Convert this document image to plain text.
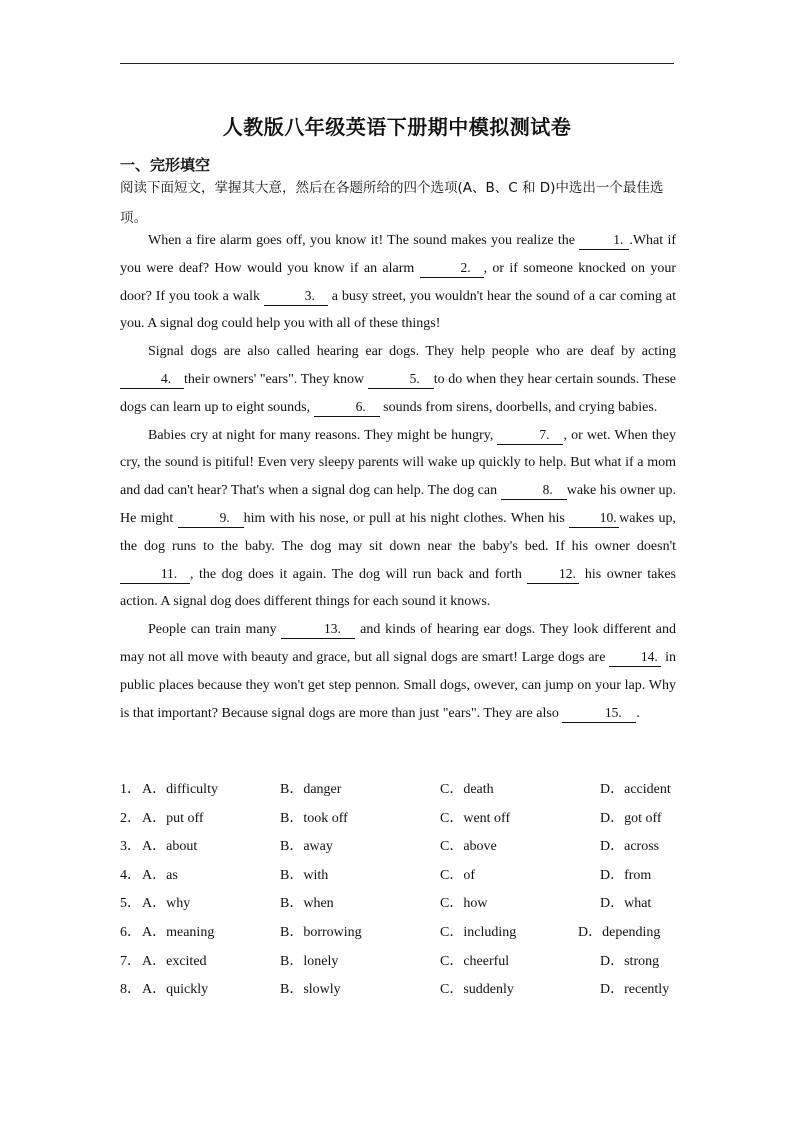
人教版八年级英语下册期中模拟测试卷
一、完形填空
阅读下面短文，掌握其大意，然后在各题所给的四个选项(A、B、C 和 D)中选出一个最佳选项。

When a fire alarm goes off, you know it! The sound makes you realize the	1. .What if you were deaf? How would you know if an alarm	2. , or if someone knocked on your door? If you took a walk	3. a busy street, you wouldn't hear the sound of a car coming at you. A signal dog could help you with all of these things!

Signal dogs are also called hearing ear dogs. They help people who are deaf by acting 4. their owners' "ears". They know	5. to do when they hear certain sounds. These dogs can learn up to eight sounds,	6. sounds from sirens, doorbells, and crying babies.

Babies cry at night for many reasons. They might be hungry,	7. , or wet. When they cry, the sound is pitiful! Even very sleepy parents will wake up quickly to help. But what if a mom and dad can't hear? That's when a signal dog can help. The dog can	8. wake his owner up. He might	9. him with his nose, or pull at his night clothes. When his 10. wakes up, the dog runs to the baby. The dog may sit down near the baby's bed. If his owner doesn't 11. , the dog does it again. The dog will run back and forth 12. his owner takes action. A signal dog does different things for each sound it knows.

People can train many	13. and kinds of hearing ear dogs. They look different and may not all move with beauty and grace, but all signal dogs are smart! Large dogs are 14. in public places because they won't get step pennon. Small dogs, owever, can jump on your lap. Why is that important? Because signal dogs are more than just "ears". They are also	15. .

1． A．difficulty	B．danger	C．death	D．accident
2． A．put off	B．took off	C．went off	D．got off
3． A．about	B．away	C．above	D．across
4． A．as	B．with	C．of	D．from
5． A．why	B．when	C．how	D．what
6． A．meaning	B．borrowing	C．including	D．depending
7． A．excited	B．lonely	C．cheerful	D．strong
8． A．quickly	B．slowly	C．suddenly	D．recently
